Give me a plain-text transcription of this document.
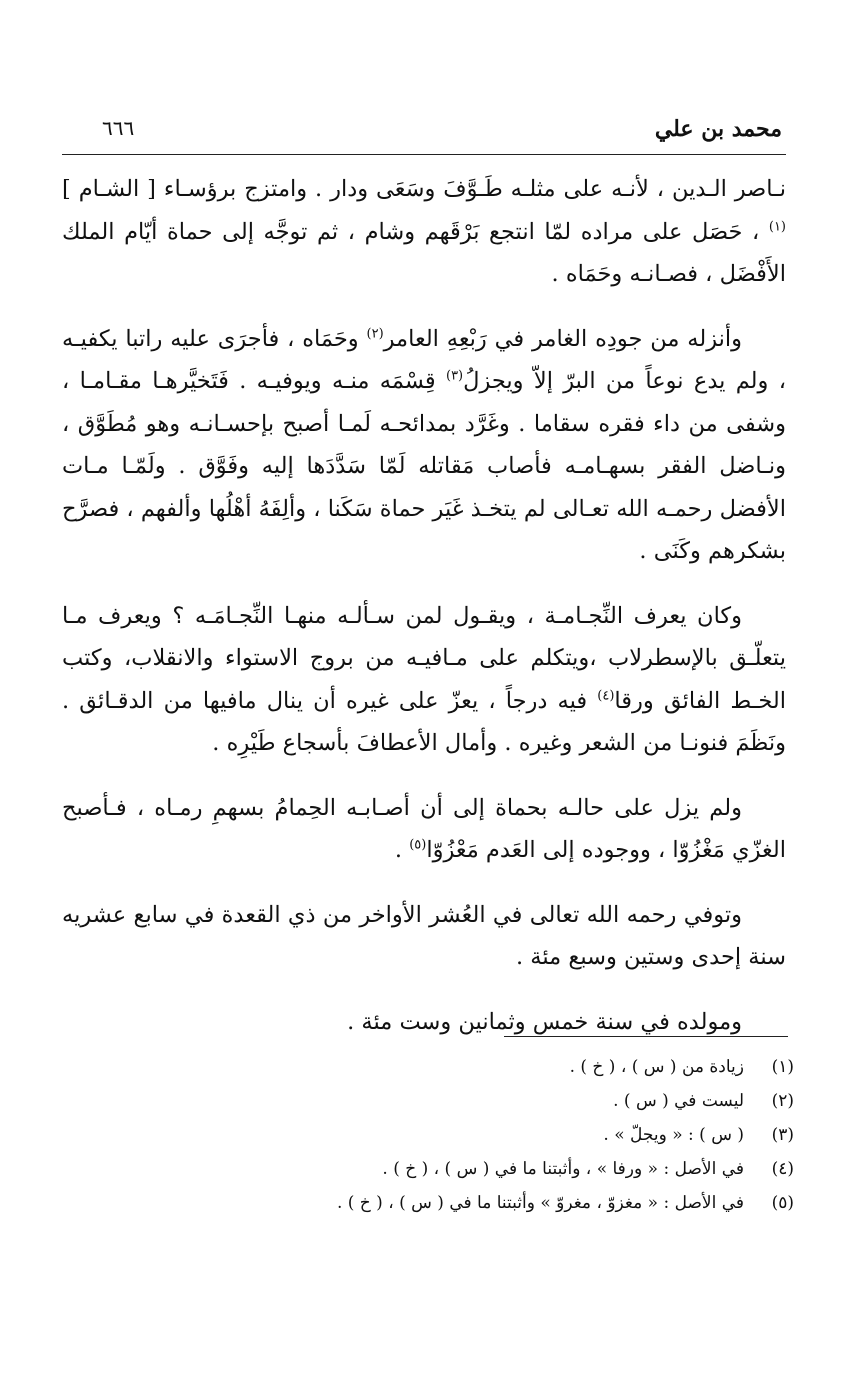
محمد بن علي
٦٦٦

نـاصر الـدين ، لأنـه على مثلـه طَـوَّفَ وسَعَى ودار . وامتزج برؤسـاء [ الشـام ]$^{(١)}$ ، حَصَل على مراده لمّا انتجع بَرْقَهم وشام ، ثم توجَّه إلى حماة أيّام الملك الأَفْضَل ، فصـانـه وحَمَاه .

وأنزله من جودِه الغامر في رَبْعِهِ العامر$^{(٢)}$ وحَمَاه ، فأجرَى عليه راتبا يكفيـه ، ولم يدع نوعاً من البرّ إلاّ ويجزلُ$^{(٣)}$ قِسْمَه منـه ويوفيـه . فَتَخيَّرهـا مقـامـا ، وشفى من داء فقره سقاما . وغَرَّد بمدائحـه لَمـا أصبح بإحسـانـه وهو مُطَوَّق ، ونـاضل الفقر بسهـامـه فأصاب مَقاتله لَمّا سَدَّدَها إليه وفَوَّق . ولَمّـا مـات الأفضل رحمـه الله تعـالى لم يتخـذ غَيَر حماة سَكَنا ، وألِفَهُ أهْلُها وألفهم ، فصرَّح بشكرهم وكَنَى .

وكان يعرف النِّجـامـة ، ويقـول لمن سـألـه منهـا النِّجـامَـه ؟ ويعرف مـا يتعلّـق بالإسطرلاب ،ويتكلم على مـافيـه من بروج الاستواء والانقلاب، وكتب الخـط الفائق ورقا$^{(٤)}$ فيه درجاً ، يعزّ على غيره أن ينال مافيها من الدقـائق . ونَظَمَ فنونـا من الشعر وغيره . وأمال الأعطافَ بأسجاع طَيْرِه .

ولم يزل على حالـه بحماة إلى أن أصـابـه الحِمامُ بسهمِ رمـاه ، فـأصبح الغزّي مَغْزُوّا ، ووجوده إلى العَدم مَعْزُوّا$^{(٥)}$ .

وتوفي رحمه الله تعالى في العُشر الأواخر من ذي القعدة في سابع عشريه سنة إحدى وستين وسبع مئة .

ومولده في سنة خمس وثمانين وست مئة .

(١)زيادة من ( س ) ، ( خ ) .
(٢)ليست في ( س ) .
(٣)( س ) : « ويجلّ » .
(٤)في الأصل : « ورفا » ، وأثبتنا ما في ( س ) ، ( خ ) .
(٥)في الأصل : « مغزوّ ، مغروّ » وأثبتنا ما في ( س ) ، ( خ ) .
